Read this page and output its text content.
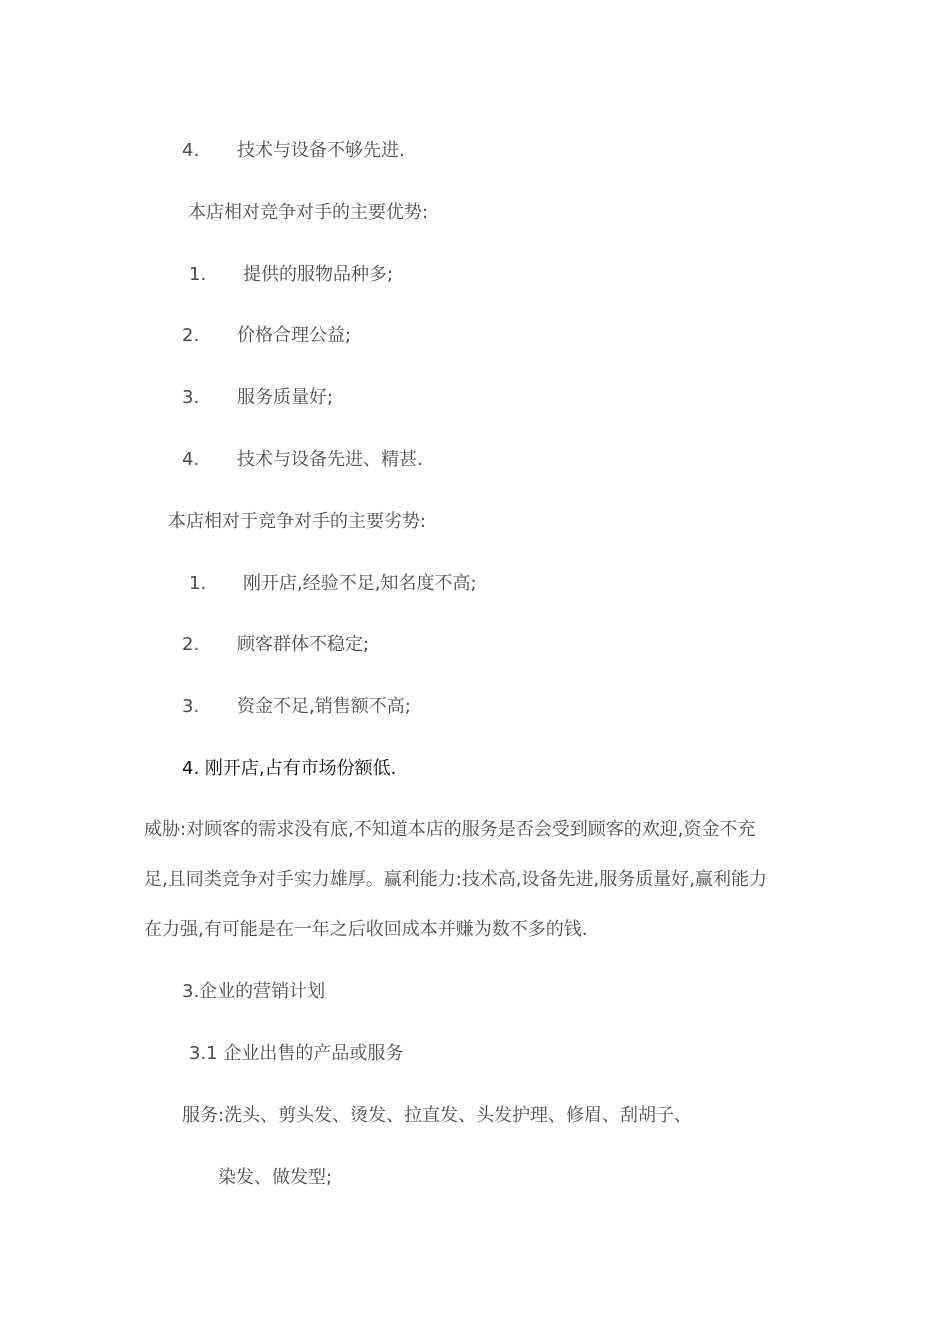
4. 技术与设备不够先进.
本店相对竞争对手的主要优势:
1. 提供的服物品种多;
2. 价格合理公益;
3. 服务质量好;
4. 技术与设备先进、精甚.
本店相对于竞争对手的主要劣势:
1. 刚开店,经验不足,知名度不高;
2. 顾客群体不稳定;
3. 资金不足,销售额不高;
4. 刚开店,占有市场份额低.
威胁:对顾客的需求没有底,不知道本店的服务是否会受到顾客的欢迎,资金不充
足,且同类竞争对手实力雄厚。赢利能力:技术高,设备先进,服务质量好,赢利能力
在力强,有可能是在一年之后收回成本并赚为数不多的钱.
3.企业的营销计划
3.1 企业出售的产品或服务
服务:洗头、剪头发、烫发、拉直发、头发护理、修眉、刮胡子、
染发、做发型;
